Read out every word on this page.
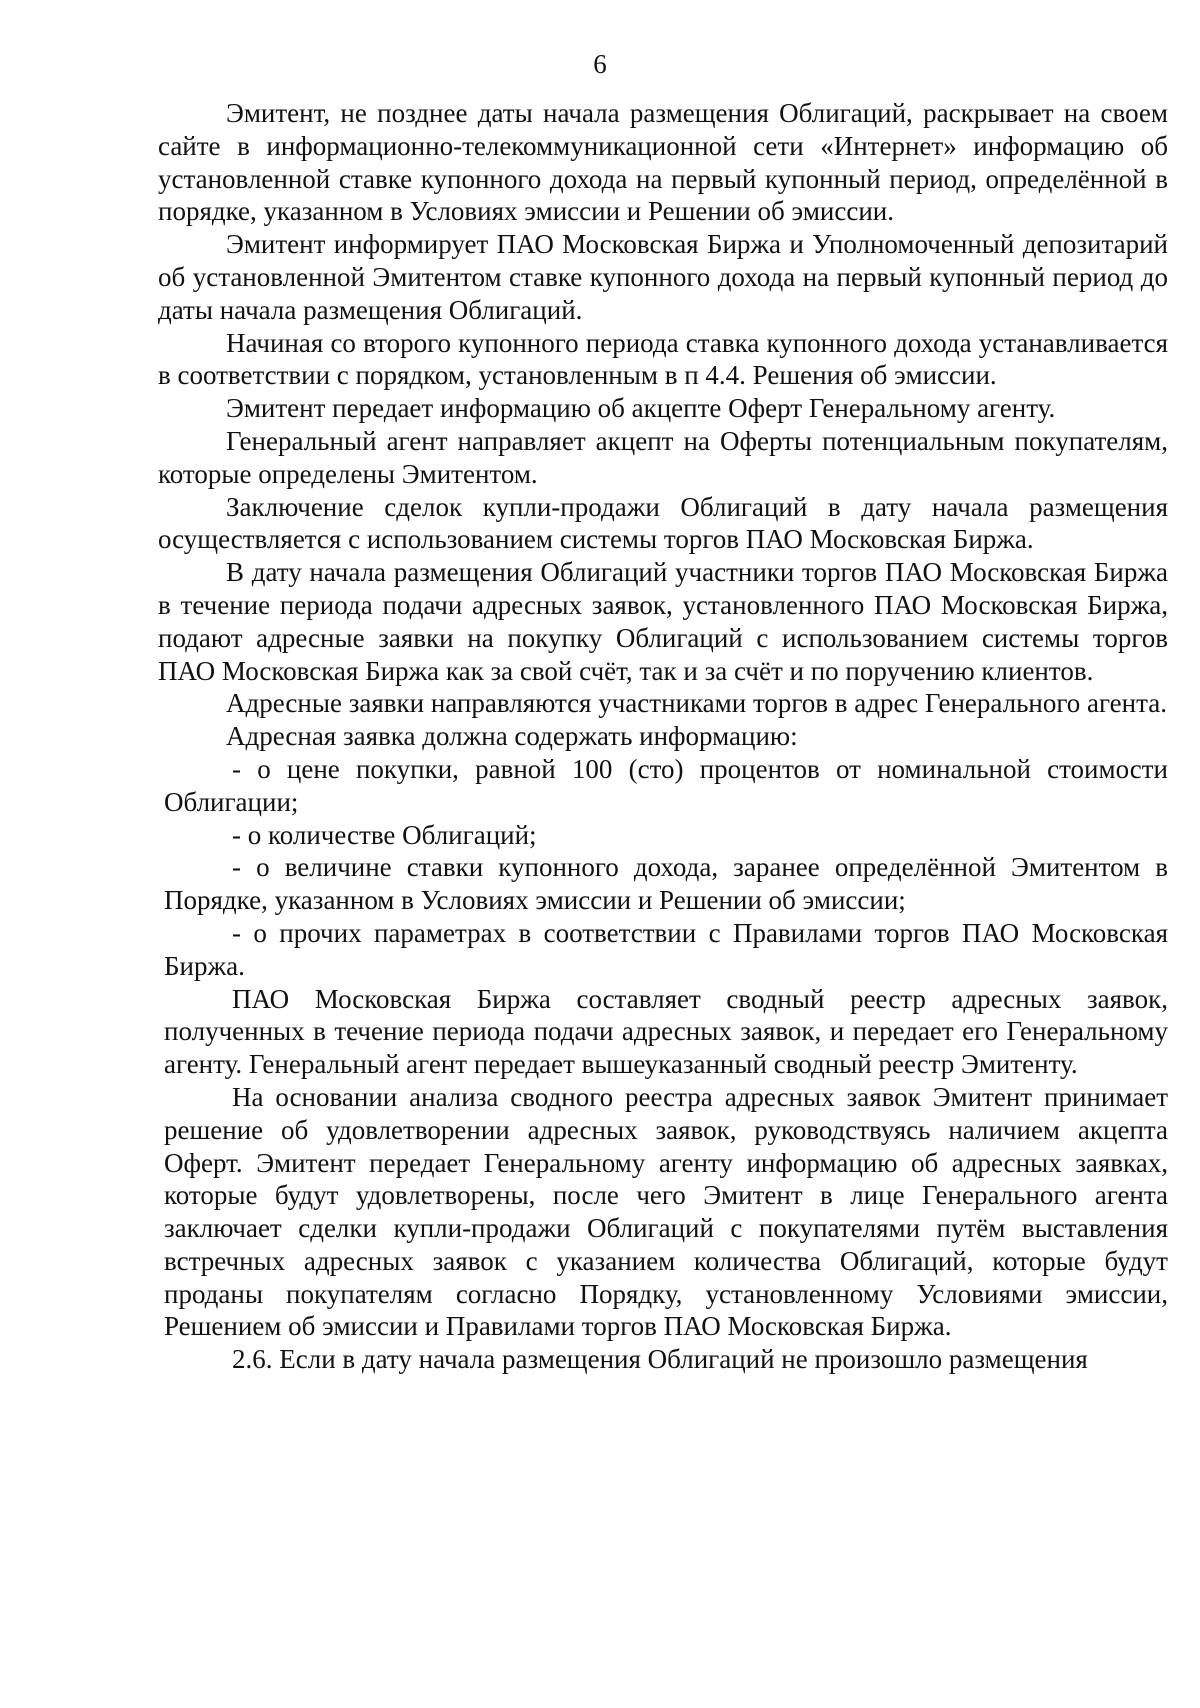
6

Эмитент, не позднее даты начала размещения Облигаций, раскрывает на своем сайте в информационно-телекоммуникационной сети «Интернет» информацию об установленной ставке купонного дохода на первый купонный период, определённой в порядке, указанном в Условиях эмиссии и Решении об эмиссии.

Эмитент информирует ПАО Московская Биржа и Уполномоченный депозитарий об установленной Эмитентом ставке купонного дохода на первый купонный период до даты начала размещения Облигаций.

Начиная со второго купонного периода ставка купонного дохода устанавливается в соответствии с порядком, установленным в п 4.4. Решения об эмиссии.

Эмитент передает информацию об акцепте Оферт Генеральному агенту.

Генеральный агент направляет акцепт на Оферты потенциальным покупателям, которые определены Эмитентом.

Заключение сделок купли-продажи Облигаций в дату начала размещения осуществляется с использованием системы торгов ПАО Московская Биржа.

В дату начала размещения Облигаций участники торгов ПАО Московская Биржа в течение периода подачи адресных заявок, установленного ПАО Московская Биржа, подают адресные заявки на покупку Облигаций с использованием системы торгов ПАО Московская Биржа как за свой счёт, так и за счёт и по поручению клиентов.

Адресные заявки направляются участниками торгов в адрес Генерального агента.

Адресная заявка должна содержать информацию:

- о цене покупки, равной 100 (сто) процентов от номинальной стоимости Облигации;

- о количестве Облигаций;

- о величине ставки купонного дохода, заранее определённой Эмитентом в Порядке, указанном в Условиях эмиссии и Решении об эмиссии;

- о прочих параметрах в соответствии с Правилами торгов ПАО Московская Биржа.

ПАО Московская Биржа составляет сводный реестр адресных заявок, полученных в течение периода подачи адресных заявок, и передает его Генеральному агенту. Генеральный агент передает вышеуказанный сводный реестр Эмитенту.

На основании анализа сводного реестра адресных заявок Эмитент принимает решение об удовлетворении адресных заявок, руководствуясь наличием акцепта Оферт. Эмитент передает Генеральному агенту информацию об адресных заявках, которые будут удовлетворены, после чего Эмитент в лице Генерального агента заключает сделки купли-продажи Облигаций с покупателями путём выставления встречных адресных заявок с указанием количества Облигаций, которые будут проданы покупателям согласно Порядку, установленному Условиями эмиссии, Решением об эмиссии и Правилами торгов ПАО Московская Биржа.

2.6. Если в дату начала размещения Облигаций не произошло размещения
